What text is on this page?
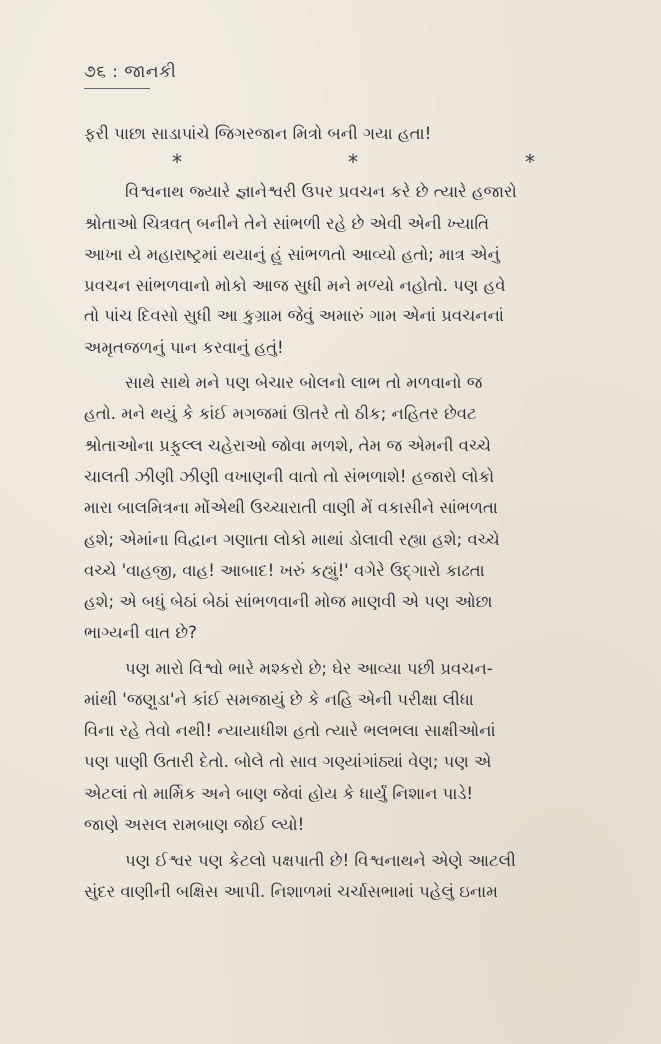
૭૬ : જાનકી
ફરી પાછા સાડાપાંચે જિગરજાન મિત્રો બની ગયા હતા!
*	*	*
વિશ્વનાથ જ્યારે જ્ઞાનેશ્વરી ઉપર પ્રવચન કરે છે ત્યારે હજારો
શ્રોતાઓ ચિત્રવત્ બનીને તેને સાંભળી રહે છે એવી એની ખ્યાતિ
આખા યે મહારાષ્ટ્રમાં થયાનું હું સાંભળતો આવ્યો હતો; માત્ર એનું
પ્રવચન સાંભળવાનો મોકો આજ સુધી મને મળ્યો નહોતો. પણ હવે
તો પાંચ દિવસો સુધી આ કુગ્રામ જેવું અમારું ગામ એનાં પ્રવચનનાં
અમૃતજળનું પાન કરવાનું હતું!
સાથે સાથે મને પણ બેચાર બોલનો લાભ તો મળવાનો જ
હતો. મને થયું કે કાંઈ મગજમાં ઊતરે તો ઠીક; નહિતર છેવટ
શ્રોતાઓના પ્રફુલ્લ ચહેરાઓ જોવા મળશે, તેમ જ એમની વચ્ચે
ચાલતી ઝીણી ઝીણી વખાણની વાતો તો સંભળાશે! હજારો લોકો
મારા બાલમિત્રના મોંએથી ઉચ્ચારાતી વાણી મેં વકાસીને સાંભળતા
હશે; એમાંના વિદ્વાન ગણાતા લોકો માથાં ડોલાવી રહ્યા હશે; વચ્ચે
વચ્ચે 'વાહજી, વાહ! આબાદ! ખરું કહ્યું!' વગેરે ઉદ્ગારો કાઢતા
હશે; એ બધું બેઠાં બેઠાં સાંભળવાની મોજ માણવી એ પણ ઓછા
ભાગ્યની વાત છે?
પણ મારો વિશ્વો ભારે મશ્કરો છે; ઘેર આવ્યા પછી પ્રવચન-
માંથી 'જણુડા'ને કાંઈ સમજાયું છે કે નહિ એની પરીક્ષા લીધા
વિના રહે તેવો નથી! ન્યાયાધીશ હતો ત્યારે ભલભલા સાક્ષીઓનાં
પણ પાણી ઉતારી દેતો. બોલે તો સાવ ગણ્યાંગાંઠ્યાં વેણ; પણ એ
એટલાં તો માર્મિક અને બાણ જેવાં હોય કે ધાર્યું નિશાન પાડે!
જાણે અસલ રામબાણ જોઈ લ્યો!
પણ ઈશ્વર પણ કેટલો પક્ષપાતી છે! વિશ્વનાથને એણે આટલી
સુંદર વાણીની બક્ષિસ આપી. નિશાળમાં ચર્ચાસભામાં પહેલું ઇનામ
